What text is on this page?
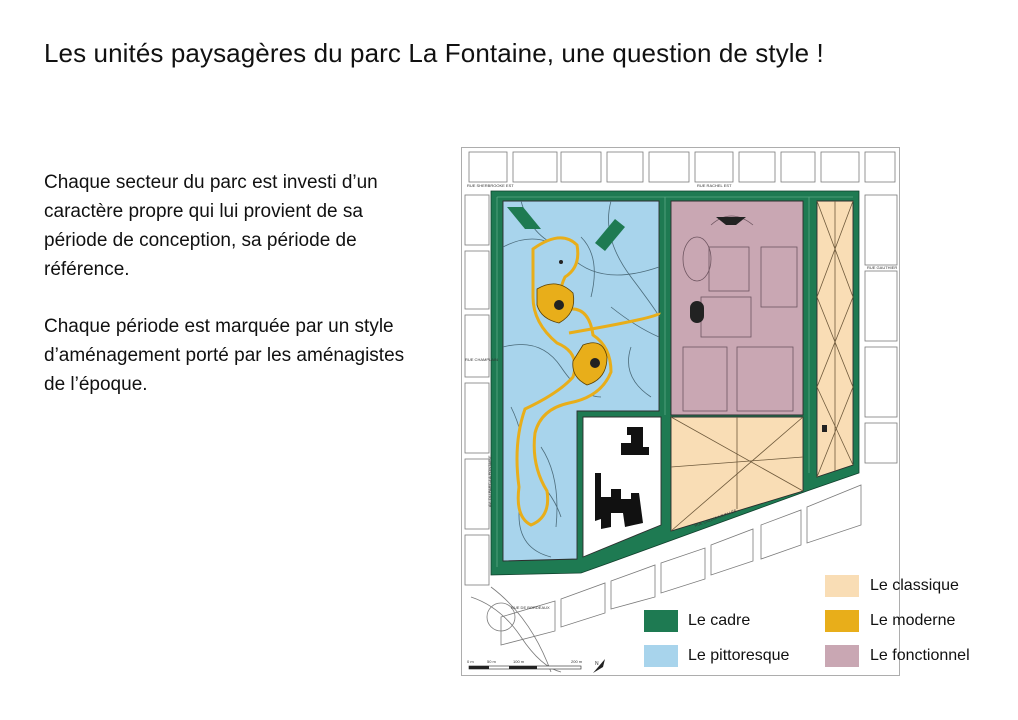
Les unités paysagères du parc La Fontaine, une question de style !
Chaque secteur du parc est investi d’un caractère propre qui lui provient de sa période de conception, sa période de référence.
Chaque période est marquée par un style d’aménagement porté par les aménagistes de l’époque.
RUE SHERBROOKE EST	RUE RACHEL EST
RUE GAUTHIER
RUE CHAMPLAIN
RUE DE BORDEAUX
RUE CALIXA-LAVALLÉE
AV. DU PARC-LA FONTAINE
0 m	50 m	100 m	200 m	N
Le classique
Le cadre	Le moderne
Le pittoresque	Le fonctionnel
